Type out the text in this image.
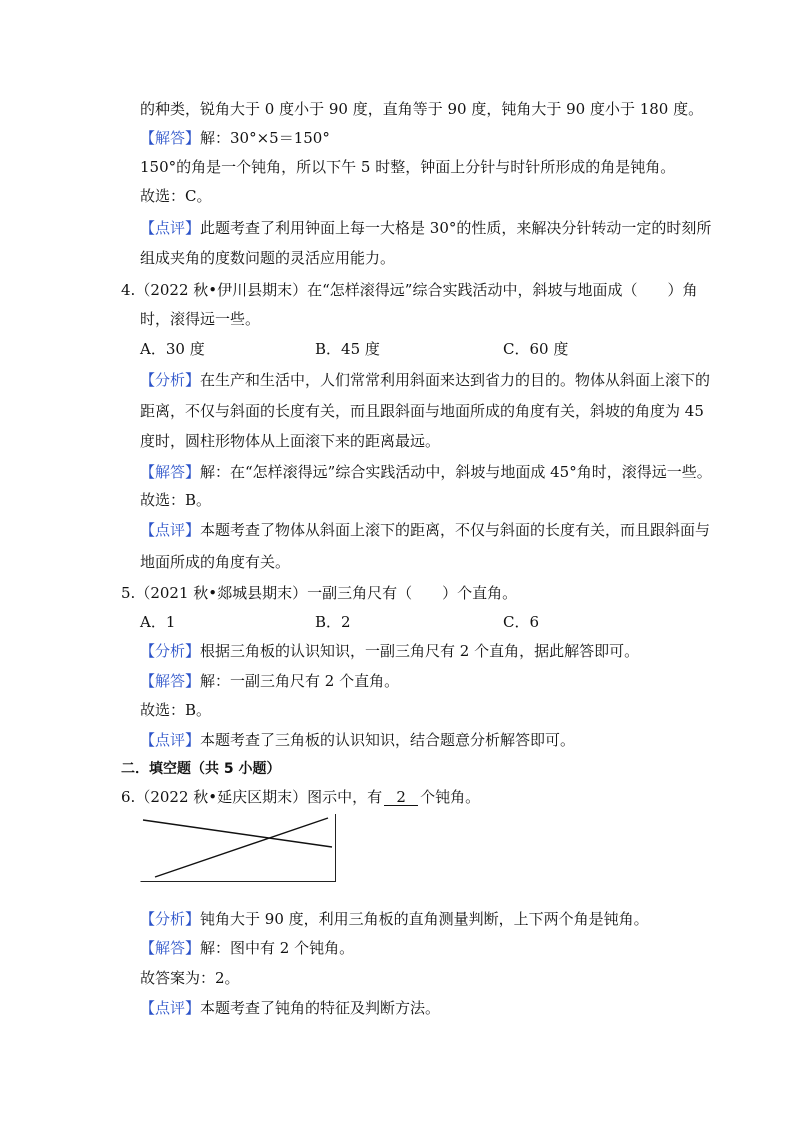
的种类，锐角大于 0 度小于 90 度，直角等于 90 度，钝角大于 90 度小于 180 度。
【解答】解：30°×5＝150°
150°的角是一个钝角，所以下午 5 时整，钟面上分针与时针所形成的角是钝角。
故选：C。
【点评】此题考查了利用钟面上每一大格是 30°的性质，来解决分针转动一定的时刻所
组成夹角的度数问题的灵活应用能力。
4.（2022 秋•伊川县期末）在“怎样滚得远”综合实践活动中，斜坡与地面成（　　）角
时，滚得远一些。
A．30 度	B．45 度	C．60 度
【分析】在生产和生活中，人们常常利用斜面来达到省力的目的。物体从斜面上滚下的
距离，不仅与斜面的长度有关，而且跟斜面与地面所成的角度有关，斜坡的角度为 45
度时，圆柱形物体从上面滚下来的距离最远。
【解答】解：在“怎样滚得远”综合实践活动中，斜坡与地面成 45°角时，滚得远一些。
故选：B。
【点评】本题考查了物体从斜面上滚下的距离，不仅与斜面的长度有关，而且跟斜面与
地面所成的角度有关。
5.（2021 秋•郯城县期末）一副三角尺有（　　）个直角。
A．1	B．2	C．6
【分析】根据三角板的认识知识，一副三角尺有 2 个直角，据此解答即可。
【解答】解：一副三角尺有 2 个直角。
故选：B。
【点评】本题考查了三角板的认识知识，结合题意分析解答即可。
二．填空题（共 5 小题）
6.（2022 秋•延庆区期末）图示中，有 2 个钝角。
【分析】钝角大于 90 度，利用三角板的直角测量判断，上下两个角是钝角。
【解答】解：图中有 2 个钝角。
故答案为：2。
【点评】本题考查了钝角的特征及判断方法。
